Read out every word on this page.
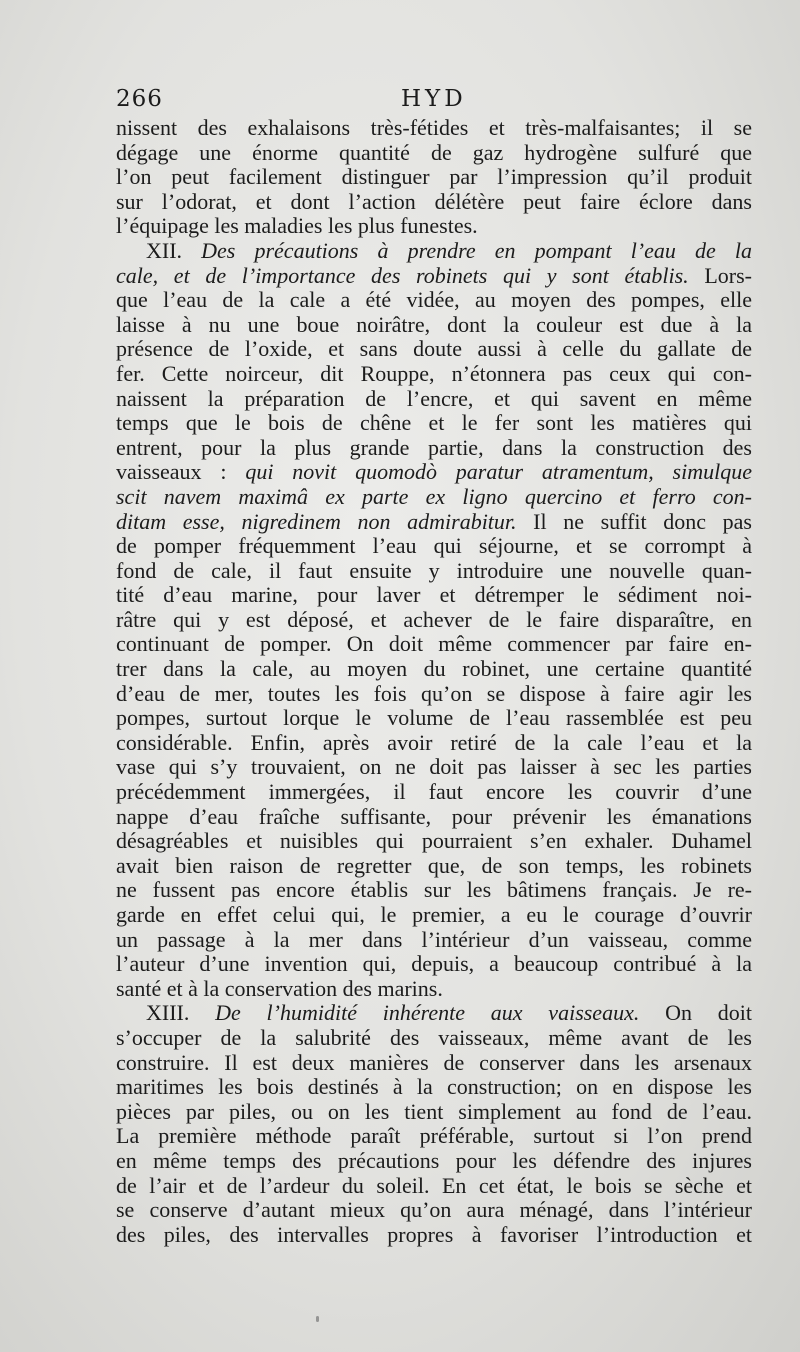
266	HYD
nissent des exhalaisons très-fétides et très-malfaisantes; il se
dégage une énorme quantité de gaz hydrogène sulfuré que
l’on peut facilement distinguer par l’impression qu’il produit
sur l’odorat, et dont l’action délétère peut faire éclore dans
l’équipage les maladies les plus funestes.
XII. Des précautions à prendre en pompant l’eau de la
cale, et de l’importance des robinets qui y sont établis. Lors-
que l’eau de la cale a été vidée, au moyen des pompes, elle
laisse à nu une boue noirâtre, dont la couleur est due à la
présence de l’oxide, et sans doute aussi à celle du gallate de
fer. Cette noirceur, dit Rouppe, n’étonnera pas ceux qui con-
naissent la préparation de l’encre, et qui savent en même
temps que le bois de chêne et le fer sont les matières qui
entrent, pour la plus grande partie, dans la construction des
vaisseaux : qui novit quomodò paratur atramentum, simulque
scit navem maximâ ex parte ex ligno quercino et ferro con-
ditam esse, nigredinem non admirabitur. Il ne suffit donc pas
de pomper fréquemment l’eau qui séjourne, et se corrompt à
fond de cale, il faut ensuite y introduire une nouvelle quan-
tité d’eau marine, pour laver et détremper le sédiment noi-
râtre qui y est déposé, et achever de le faire disparaître, en
continuant de pomper. On doit même commencer par faire en-
trer dans la cale, au moyen du robinet, une certaine quantité
d’eau de mer, toutes les fois qu’on se dispose à faire agir les
pompes, surtout lorque le volume de l’eau rassemblée est peu
considérable. Enfin, après avoir retiré de la cale l’eau et la
vase qui s’y trouvaient, on ne doit pas laisser à sec les parties
précédemment immergées, il faut encore les couvrir d’une
nappe d’eau fraîche suffisante, pour prévenir les émanations
désagréables et nuisibles qui pourraient s’en exhaler. Duhamel
avait bien raison de regretter que, de son temps, les robinets
ne fussent pas encore établis sur les bâtimens français. Je re-
garde en effet celui qui, le premier, a eu le courage d’ouvrir
un passage à la mer dans l’intérieur d’un vaisseau, comme
l’auteur d’une invention qui, depuis, a beaucoup contribué à la
santé et à la conservation des marins.
XIII. De l’humidité inhérente aux vaisseaux. On doit
s’occuper de la salubrité des vaisseaux, même avant de les
construire. Il est deux manières de conserver dans les arsenaux
maritimes les bois destinés à la construction; on en dispose les
pièces par piles, ou on les tient simplement au fond de l’eau.
La première méthode paraît préférable, surtout si l’on prend
en même temps des précautions pour les défendre des injures
de l’air et de l’ardeur du soleil. En cet état, le bois se sèche et
se conserve d’autant mieux qu’on aura ménagé, dans l’intérieur
des piles, des intervalles propres à favoriser l’introduction et
